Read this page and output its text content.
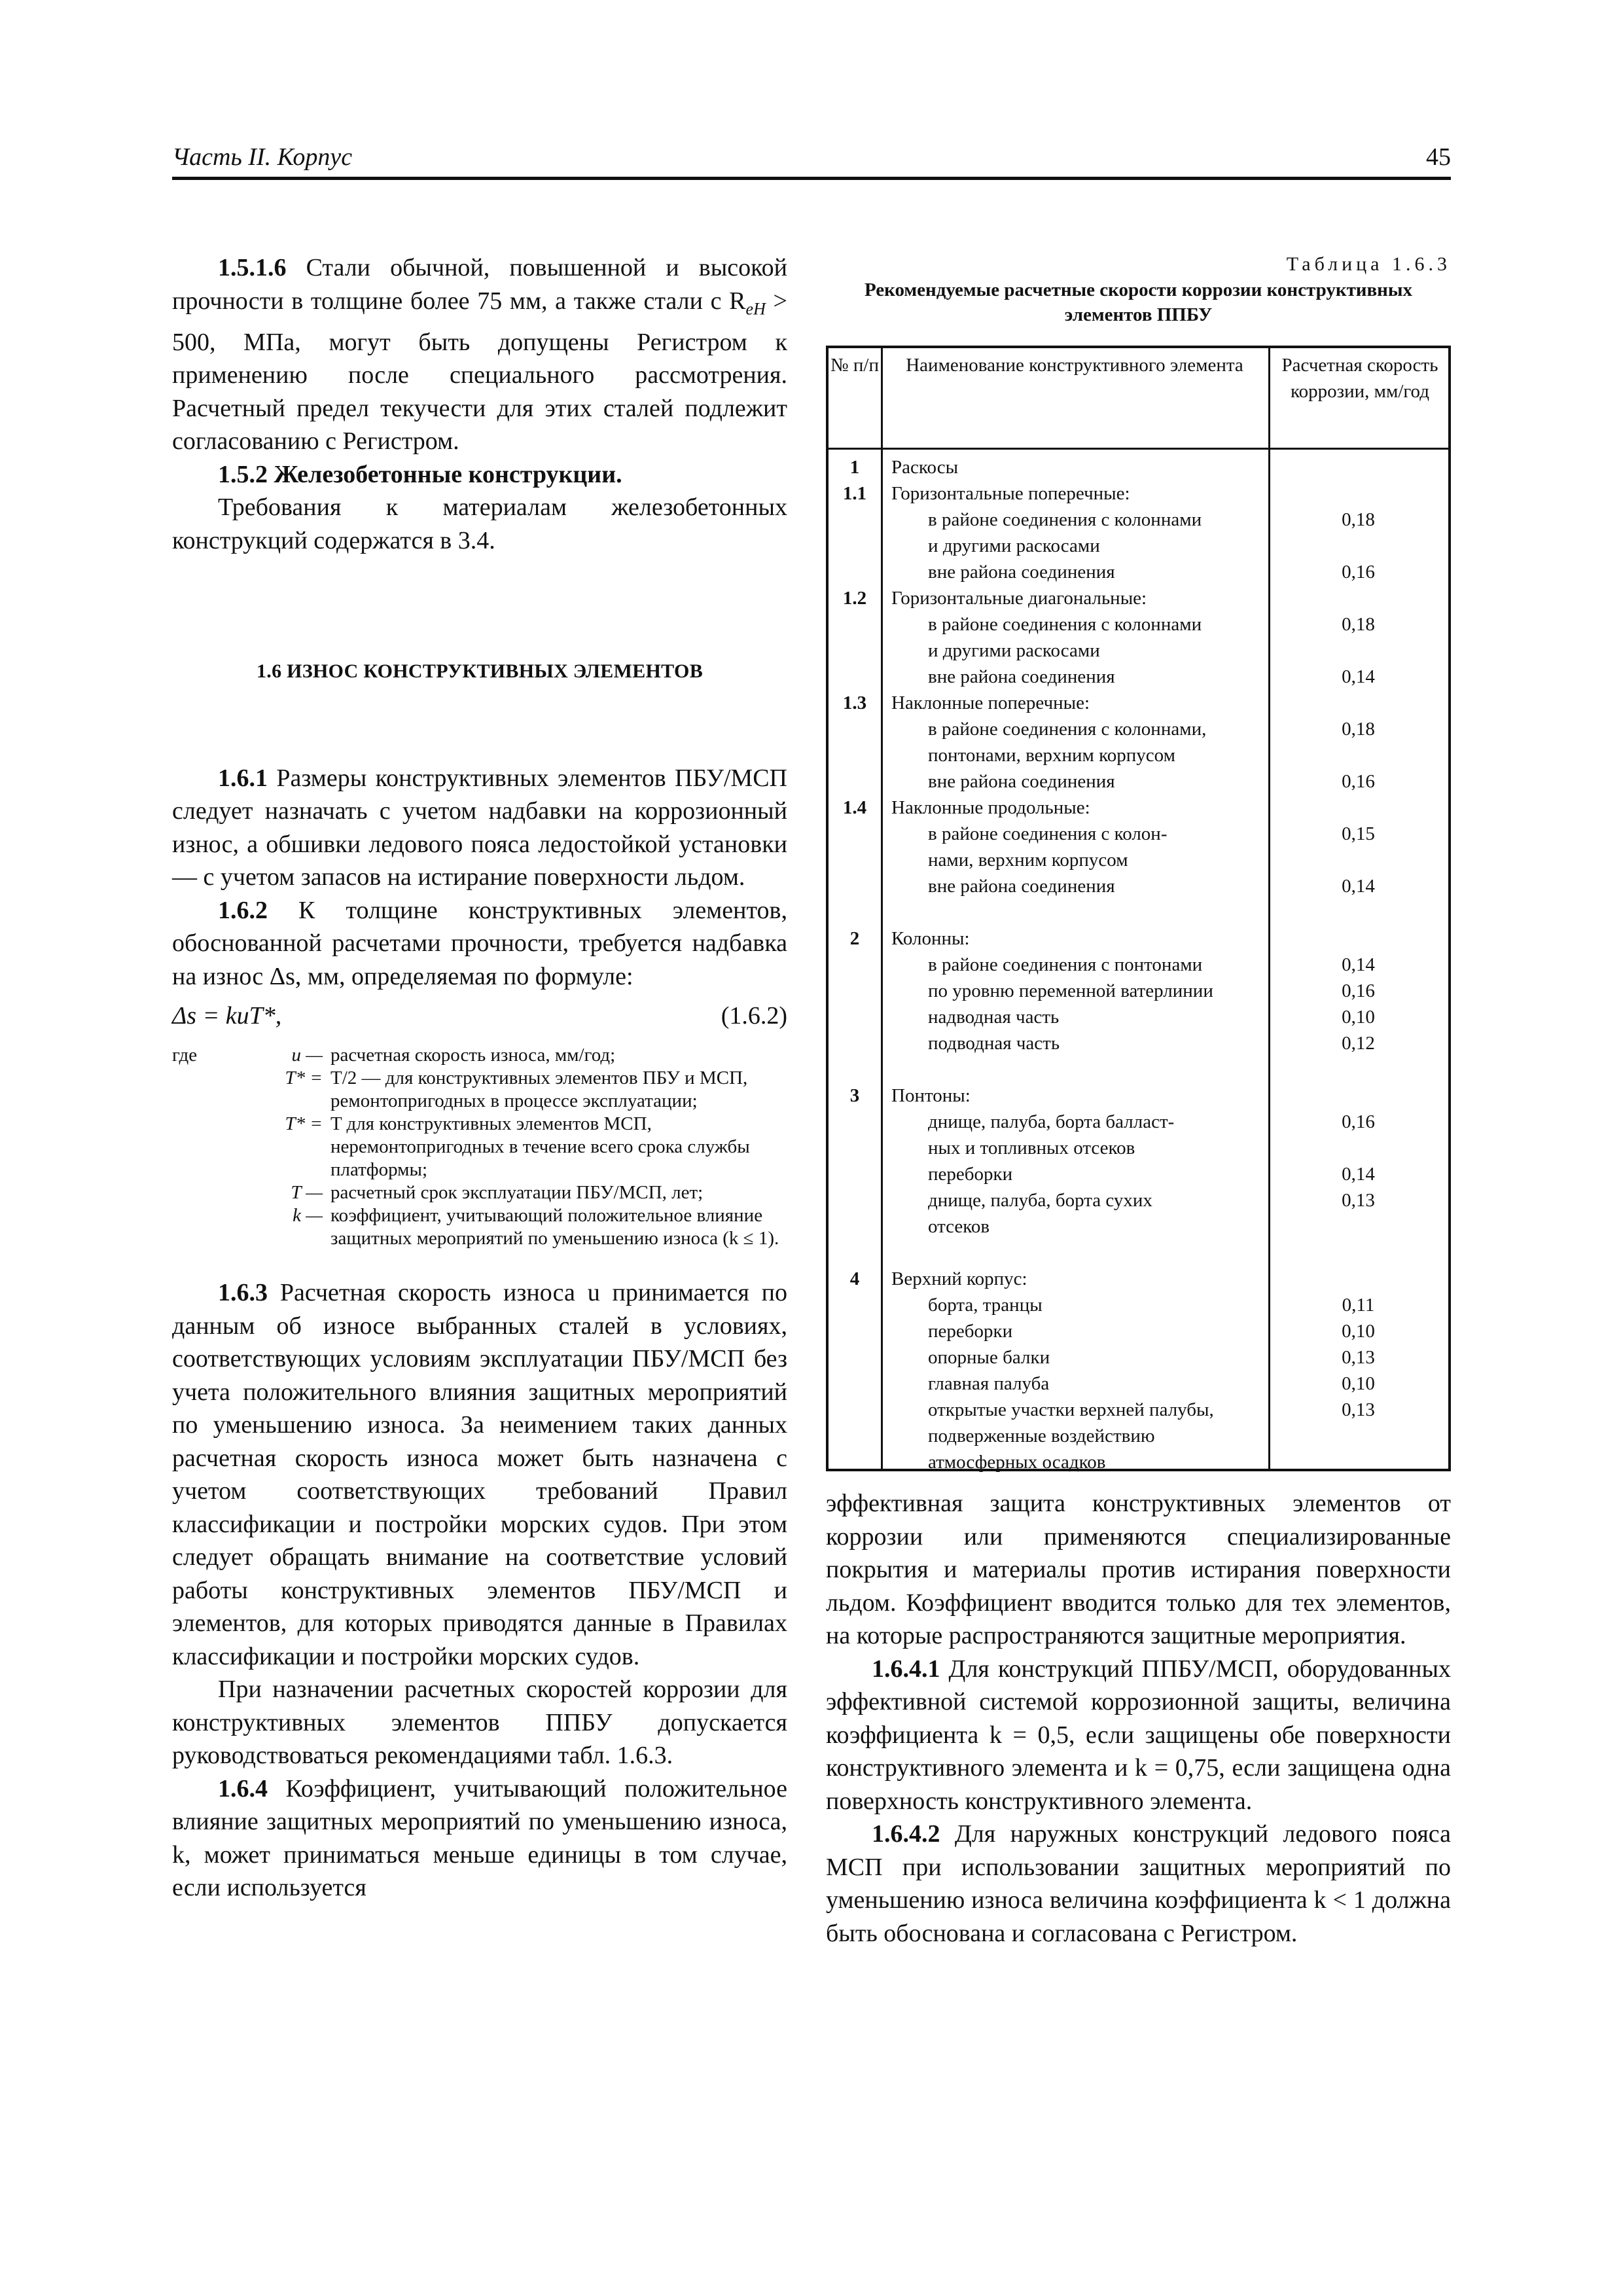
Часть II. Корпус	45

1.5.1.6 Стали обычной, повышенной и высокой прочности в толщине более 75 мм, а также стали с $R_{eH} > 500$, МПа, могут быть допущены Регистром к применению после специального рассмотрения. Расчетный предел текучести для этих сталей подлежит согласованию с Регистром.

1.5.2 Железобетонные конструкции.

Требования к материалам железобетонных конструкций содержатся в 3.4.

1.6 ИЗНОС КОНСТРУКТИВНЫХ ЭЛЕМЕНТОВ

1.6.1 Размеры конструктивных элементов ПБУ/МСП следует назначать с учетом надбавки на коррозионный износ, а обшивки ледового пояса ледостойкой установки — с учетом запасов на истирание поверхности льдом.

1.6.2 К толщине конструктивных элементов, обоснованной расчетами прочности, требуется надбавка на износ Δs, мм, определяемая по формуле:

Δs = kuT*,	(1.6.2)
где	u — расчетная скорость износа, мм/год;
T* = T/2 — для конструктивных элементов ПБУ и МСП, ремонтопригодных в процессе эксплуатации;
T* = T для конструктивных элементов МСП, неремонтопригодных в течение всего срока службы платформы;
T — расчетный срок эксплуатации ПБУ/МСП, лет;
k — коэффициент, учитывающий положительное влияние защитных мероприятий по уменьшению износа (k ≤ 1).

1.6.3 Расчетная скорость износа u принимается по данным об износе выбранных сталей в условиях, соответствующих условиям эксплуатации ПБУ/МСП без учета положительного влияния защитных мероприятий по уменьшению износа. За неимением таких данных расчетная скорость износа может быть назначена с учетом соответствующих требований Правил классификации и постройки морских судов. При этом следует обращать внимание на соответствие условий работы конструктивных элементов ПБУ/МСП и элементов, для которых приводятся данные в Правилах классификации и постройки морских судов.

При назначении расчетных скоростей коррозии для конструктивных элементов ППБУ допускается руководствоваться рекомендациями табл. 1.6.3.

1.6.4 Коэффициент, учитывающий положительное влияние защитных мероприятий по уменьшению износа, k, может приниматься меньше единицы в том случае, если используется

Таблица 1.6.3
Рекомендуемые расчетные скорости коррозии конструктивных элементов ППБУ
№ п/п	Наименование конструктивного элемента	Расчетная скорость коррозии, мм/год
1	Раскосы
1.1	Горизонтальные поперечные:
в районе соединения с колоннами	0,18
и другими раскосами
вне района соединения	0,16
1.2	Горизонтальные диагональные:
в районе соединения с колоннами	0,18
и другими раскосами
вне района соединения	0,14
1.3	Наклонные поперечные:
в районе соединения с колоннами,	0,18
понтонами, верхним корпусом
вне района соединения	0,16
1.4	Наклонные продольные:
в районе соединения с колон-	0,15
нами, верхним корпусом
вне района соединения	0,14
2	Колонны:
в районе соединения с понтонами	0,14
по уровню переменной ватерлинии	0,16
надводная часть	0,10
подводная часть	0,12
3	Понтоны:
днище, палуба, борта балласт-	0,16
ных и топливных отсеков
переборки	0,14
днище, палуба, борта сухих	0,13
отсеков
4	Верхний корпус:
борта, транцы	0,11
переборки	0,10
опорные балки	0,13
главная палуба	0,10
открытые участки верхней палубы,	0,13
подверженные воздействию
атмосферных осадков

эффективная защита конструктивных элементов от коррозии или применяются специализированные покрытия и материалы против истирания поверхности льдом. Коэффициент вводится только для тех элементов, на которые распространяются защитные мероприятия.

1.6.4.1 Для конструкций ППБУ/МСП, оборудованных эффективной системой коррозионной защиты, величина коэффициента k = 0,5, если защищены обе поверхности конструктивного элемента и k = 0,75, если защищена одна поверхность конструктивного элемента.

1.6.4.2 Для наружных конструкций ледового пояса МСП при использовании защитных мероприятий по уменьшению износа величина коэффициента k < 1 должна быть обоснована и согласована с Регистром.
